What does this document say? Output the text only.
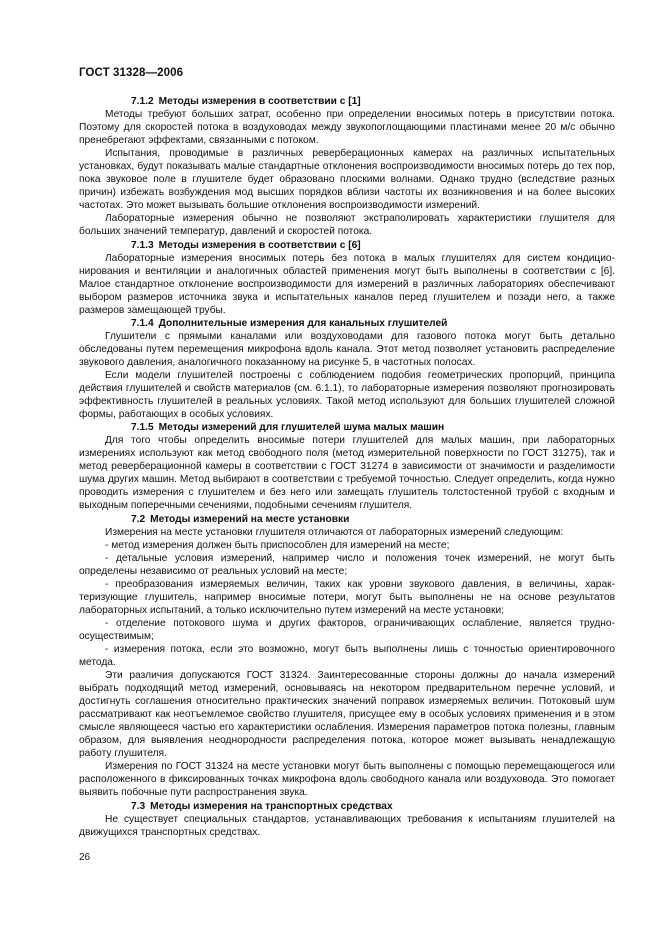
ГОСТ 31328—2006

7.1.2 Методы измерения в соответствии с [1]

Методы требуют больших затрат, особенно при определении вносимых потерь в присутствии потока. Поэтому для скоростей потока в воздуховодах между звукопоглощающими пластинами менее 20 м/с обычно пренебрегают эффектами, связанными с потоком.

Испытания, проводимые в различных реверберационных камерах на различных испытательных установках, будут показывать малые стандартные отклонения воспроизводимости вносимых потерь до тех пор, пока звуковое поле в глушителе будет образовано плоскими волнами. Однако трудно (вследствие разных причин) избежать возбуждения мод высших порядков вблизи частоты их возникновения и на более высоких частотах. Это может вызывать большие отклонения воспроизводимости измерений.

Лабораторные измерения обычно не позволяют экстраполировать характеристики глушителя для больших значений температур, давлений и скоростей потока.

7.1.3 Методы измерения в соответствии с [6]

Лабораторные измерения вносимых потерь без потока в малых глушителях для систем кондиционирования и вентиляции и аналогичных областей применения могут быть выполнены в соответствии с [6]. Малое стандартное отклонение воспроизводимости для измерений в различных лабораториях обеспечивают выбором размеров источника звука и испытательных каналов перед глушителем и позади него, а также размеров замещающей трубы.

7.1.4 Дополнительные измерения для канальных глушителей

Глушители с прямыми каналами или воздуховодами для газового потока могут быть детально обследованы путем перемещения микрофона вдоль канала. Этот метод позволяет установить распределение звукового давления, аналогичного показанному на рисунке 5, в частотных полосах.

Если модели глушителей построены с соблюдением подобия геометрических пропорций, принципа действия глушителей и свойств материалов (см. 6.1.1), то лабораторные измерения позволяют прогнозировать эффективность глушителей в реальных условиях. Такой метод используют для больших глушителей сложной формы, работающих в особых условиях.

7.1.5 Методы измерений для глушителей шума малых машин

Для того чтобы определить вносимые потери глушителей для малых машин, при лабораторных измерениях используют как метод свободного поля (метод измерительной поверхности по ГОСТ 31275), так и метод реверберационной камеры в соответствии с ГОСТ 31274 в зависимости от значимости и разделимости шума других машин. Метод выбирают в соответствии с требуемой точностью. Следует определить, когда нужно проводить измерения с глушителем и без него или замещать глушитель толстостенной трубой с входным и выходным поперечными сечениями, подобными сечениям глушителя.

7.2 Методы измерений на месте установки

Измерения на месте установки глушителя отличаются от лабораторных измерений следующим:

- метод измерения должен быть приспособлен для измерений на месте;

- детальные условия измерений, например число и положения точек измерений, не могут быть определены независимо от реальных условий на месте;

- преобразования измеряемых величин, таких как уровни звукового давления, в величины, характеризующие глушитель, например вносимые потери, могут быть выполнены не на основе результатов лабораторных испытаний, а только исключительно путем измерений на месте установки;

- отделение потокового шума и других факторов, ограничивающих ослабление, является трудноосуществимым;

- измерения потока, если это возможно, могут быть выполнены лишь с точностью ориентировочного метода.

Эти различия допускаются ГОСТ 31324. Заинтересованные стороны должны до начала измерений выбрать подходящий метод измерений, основываясь на некотором предварительном перечне условий, и достигнуть соглашения относительно практических значений поправок измеряемых величин. Потоковый шум рассматривают как неотъемлемое свойство глушителя, присущее ему в особых условиях применения и в этом смысле являющееся частью его характеристики ослабления. Измерения параметров потока полезны, главным образом, для выявления неоднородности распределения потока, которое может вызывать ненадлежащую работу глушителя.

Измерения по ГОСТ 31324 на месте установки могут быть выполнены с помощью перемещающегося или расположенного в фиксированных точках микрофона вдоль свободного канала или воздуховода. Это помогает выявить побочные пути распространения звука.

7.3 Методы измерения на транспортных средствах

Не существует специальных стандартов, устанавливающих требования к испытаниям глушителей на движущихся транспортных средствах.

26
